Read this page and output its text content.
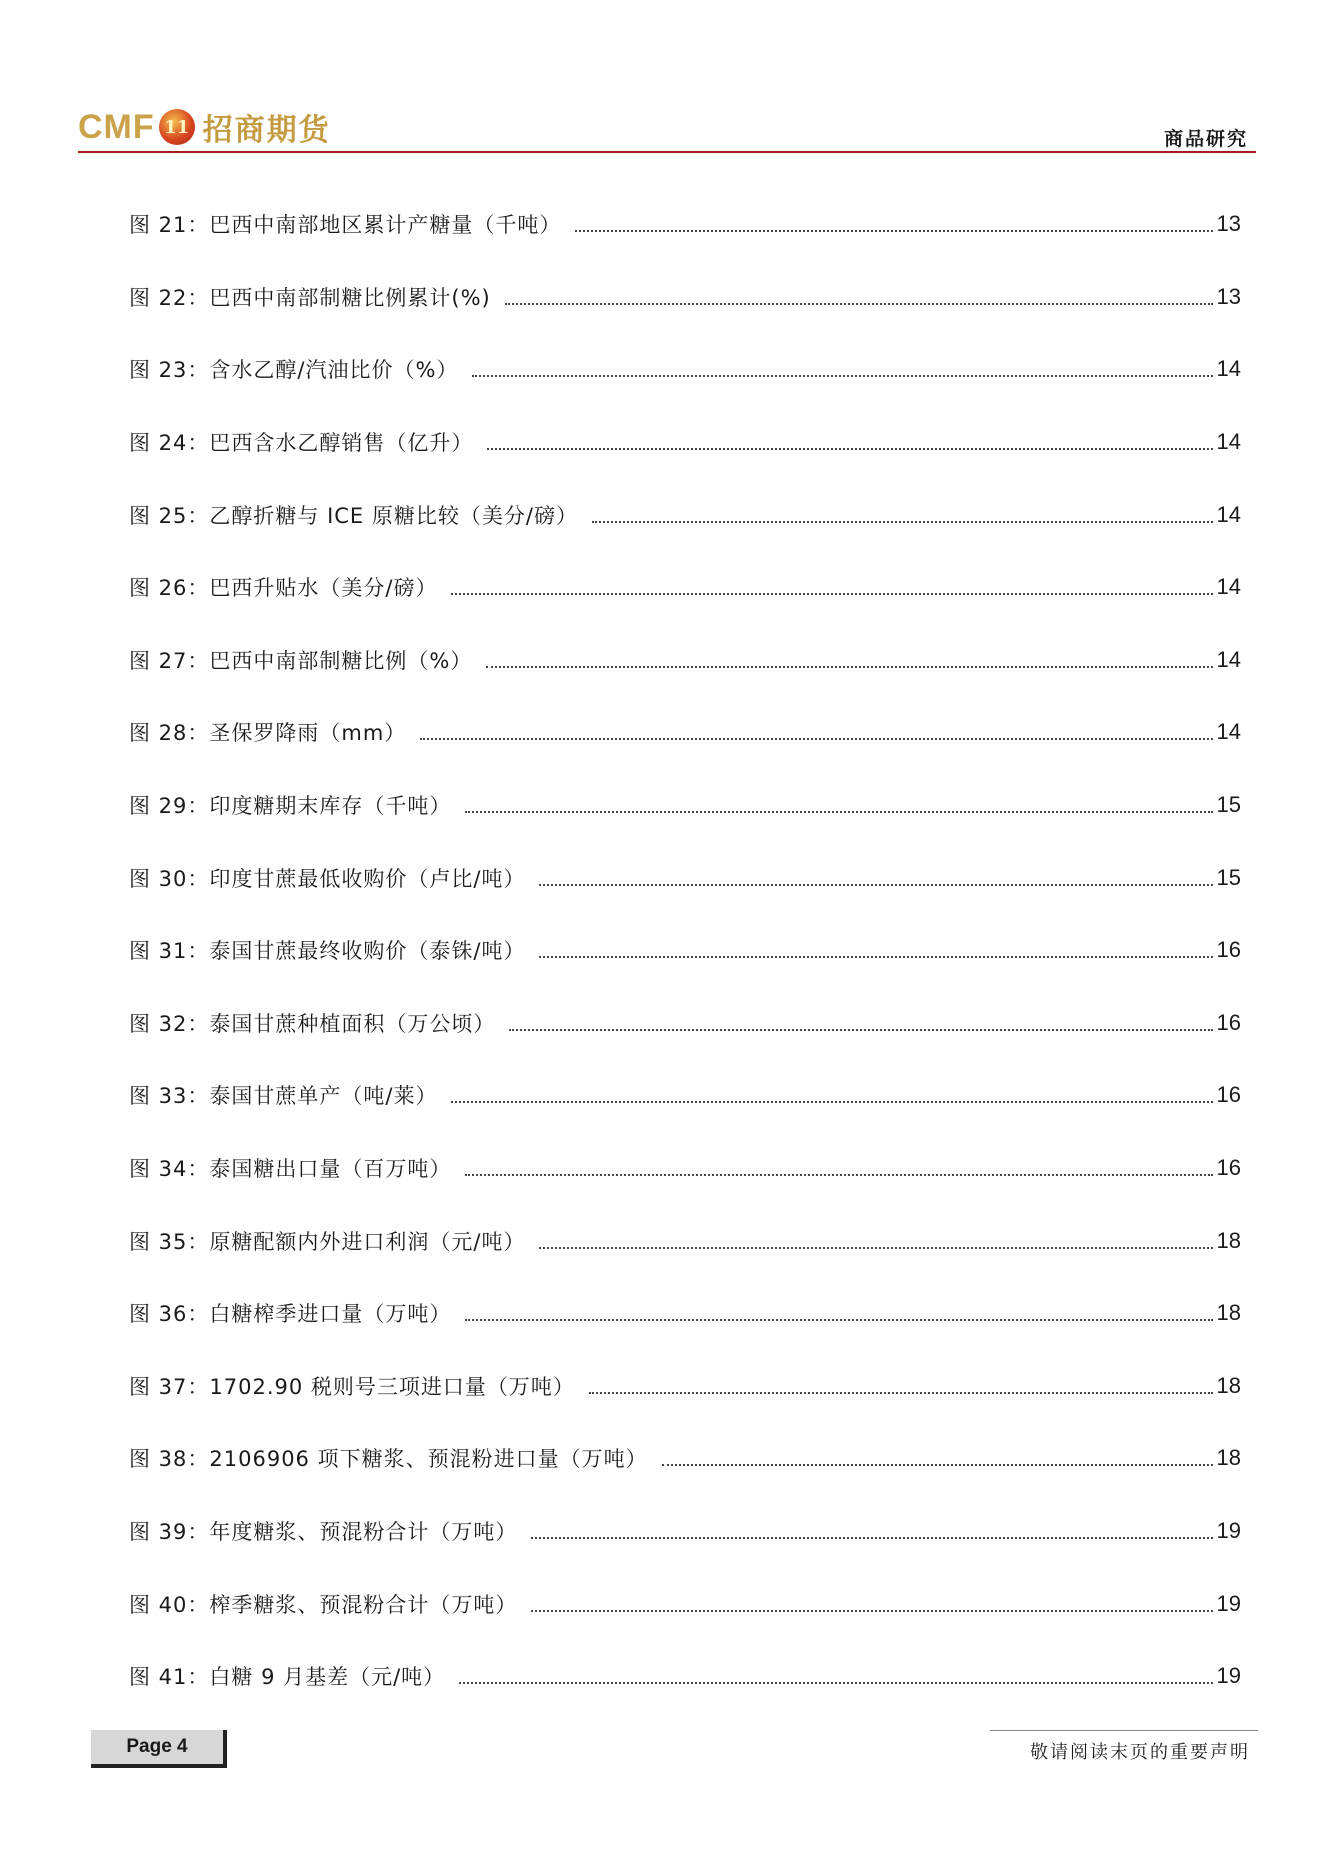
CMF 11 招商期货	商品研究
图 21：巴西中南部地区累计产糖量（千吨）	13
图 22：巴西中南部制糖比例累计(%)	13
图 23：含水乙醇/汽油比价（%）	14
图 24：巴西含水乙醇销售（亿升）	14
图 25：乙醇折糖与 ICE 原糖比较（美分/磅）	14
图 26：巴西升贴水（美分/磅）	14
图 27：巴西中南部制糖比例（%）	14
图 28：圣保罗降雨（mm）	14
图 29：印度糖期末库存（千吨）	15
图 30：印度甘蔗最低收购价（卢比/吨）	15
图 31：泰国甘蔗最终收购价（泰铢/吨）	16
图 32：泰国甘蔗种植面积（万公顷）	16
图 33：泰国甘蔗单产（吨/莱）	16
图 34：泰国糖出口量（百万吨）	16
图 35：原糖配额内外进口利润（元/吨）	18
图 36：白糖榨季进口量（万吨）	18
图 37：1702.90 税则号三项进口量（万吨）	18
图 38：2106906 项下糖浆、预混粉进口量（万吨）	18
图 39：年度糖浆、预混粉合计（万吨）	19
图 40：榨季糖浆、预混粉合计（万吨）	19
图 41：白糖 9 月基差（元/吨）	19
Page 4	敬请阅读末页的重要声明
